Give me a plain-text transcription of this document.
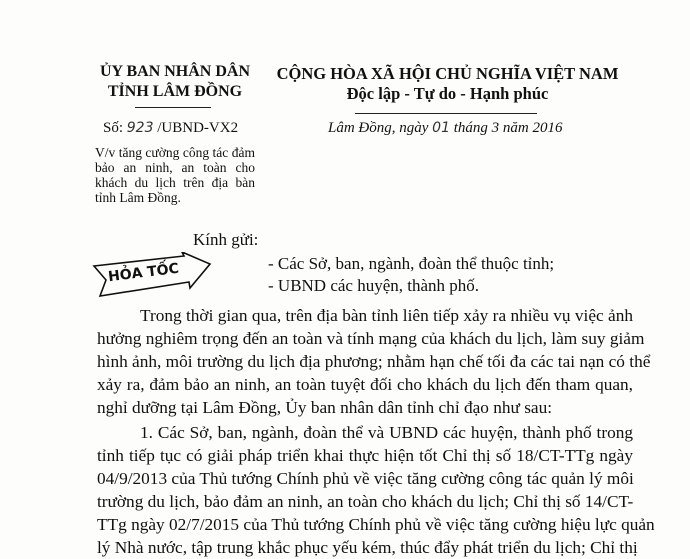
ỦY BAN NHÂN DÂN
TỈNH LÂM ĐỒNG
Số: 923 /UBND-VX2
V/v tăng cường công tác đảm bảo an ninh, an toàn cho khách du lịch trên địa bàn tỉnh Lâm Đồng.
CỘNG HÒA XÃ HỘI CHỦ NGHĨA VIỆT NAM
Độc lập - Tự do - Hạnh phúc
Lâm Đồng, ngày 01 tháng 3 năm 2016
HỎA TỐC
Kính gửi:
- Các Sở, ban, ngành, đoàn thể thuộc tỉnh;
- UBND các huyện, thành phố.
Trong thời gian qua, trên địa bàn tỉnh liên tiếp xảy ra nhiều vụ việc ảnh
hưởng nghiêm trọng đến an toàn và tính mạng của khách du lịch, làm suy giảm
hình ảnh, môi trường du lịch địa phương; nhằm hạn chế tối đa các tai nạn có thể
xảy ra, đảm bảo an ninh, an toàn tuyệt đối cho khách du lịch đến tham quan,
nghỉ dưỡng tại Lâm Đồng, Ủy ban nhân dân tỉnh chỉ đạo như sau:
1. Các Sở, ban, ngành, đoàn thể và UBND các huyện, thành phố trong
tỉnh tiếp tục có giải pháp triển khai thực hiện tốt Chỉ thị số 18/CT-TTg ngày
04/9/2013 của Thủ tướng Chính phủ về việc tăng cường công tác quản lý môi
trường du lịch, bảo đảm an ninh, an toàn cho khách du lịch; Chỉ thị số 14/CT-
TTg ngày 02/7/2015 của Thủ tướng Chính phủ về việc tăng cường hiệu lực quản
lý Nhà nước, tập trung khắc phục yếu kém, thúc đẩy phát triển du lịch; Chỉ thị
